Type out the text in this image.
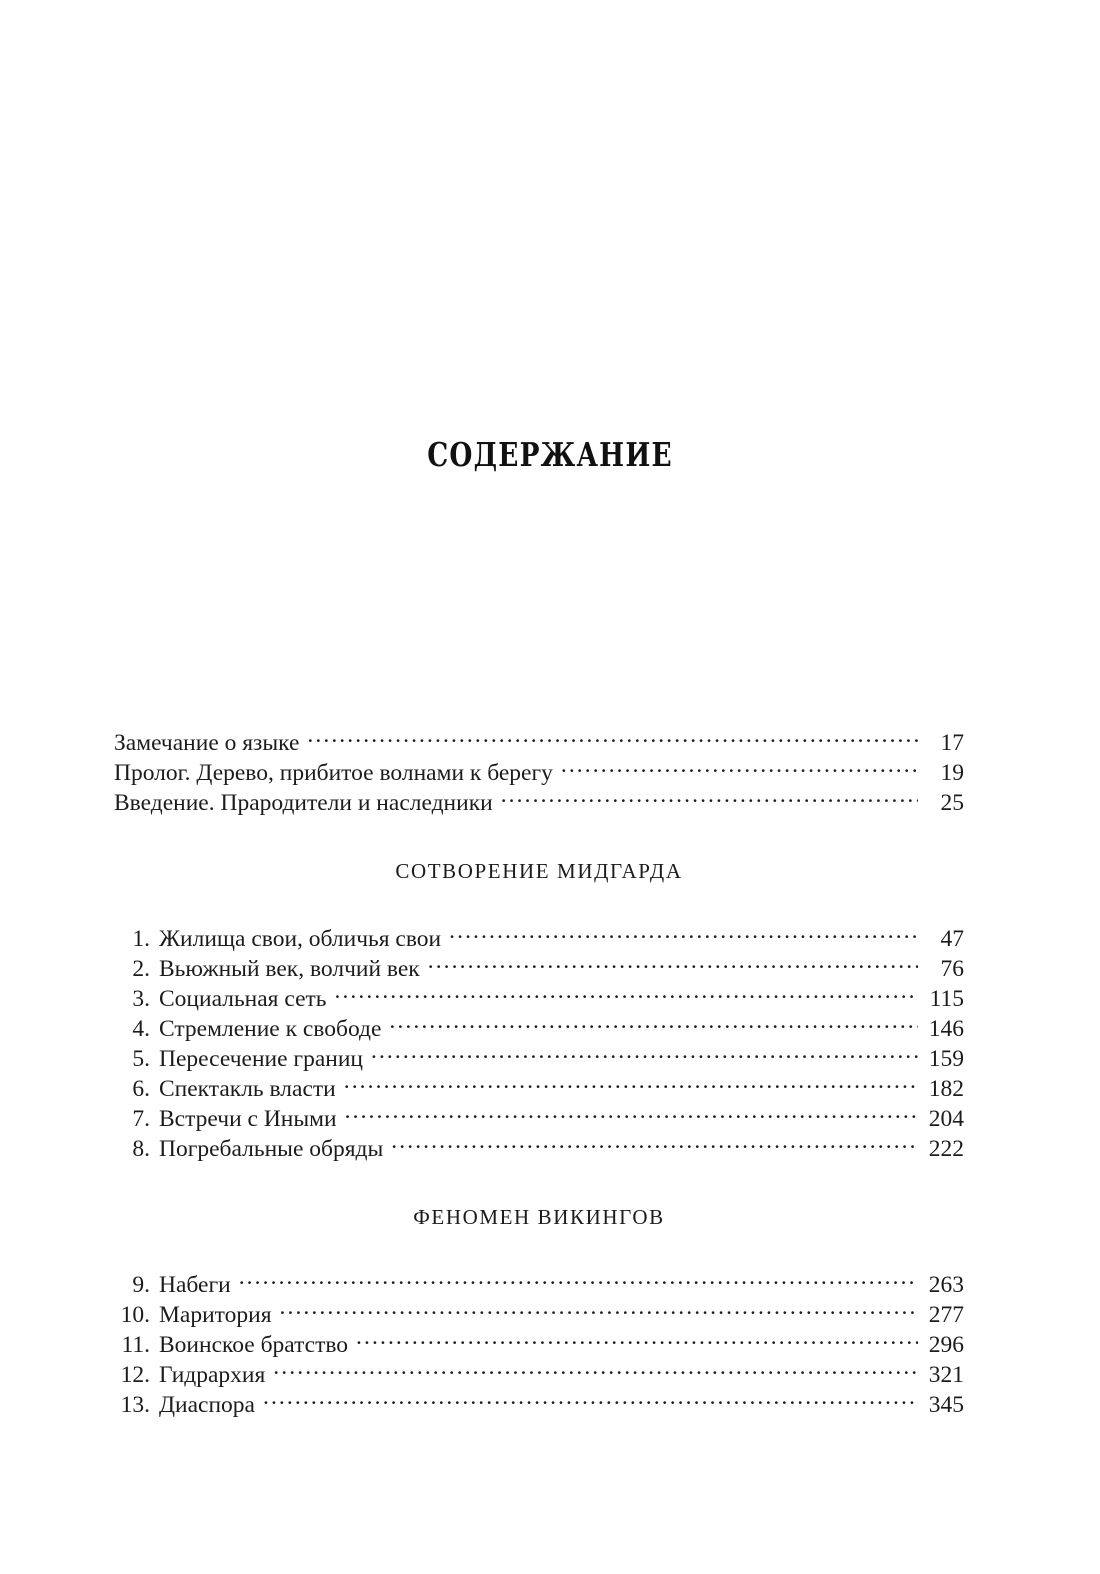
содержание
Замечание о языке .....	17
Пролог. Дерево, прибитое волнами к берегу .....	19
Введение. Прародители и наследники .....	25
СОТВОРЕНИЕ МИДГАРДА
1. Жилища свои, обличья свои .....	47
2. Вьюжный век, волчий век .....	76
3. Социальная сеть .....	115
4. Стремление к свободе .....	146
5. Пересечение границ .....	159
6. Спектакль власти .....	182
7. Встречи с Иными .....	204
8. Погребальные обряды .....	222
ФЕНОМЕН ВИКИНГОВ
9. Набеги .....	263
10. Маритория .....	277
11. Воинское братство .....	296
12. Гидрархия .....	321
13. Диаспора .....	345
